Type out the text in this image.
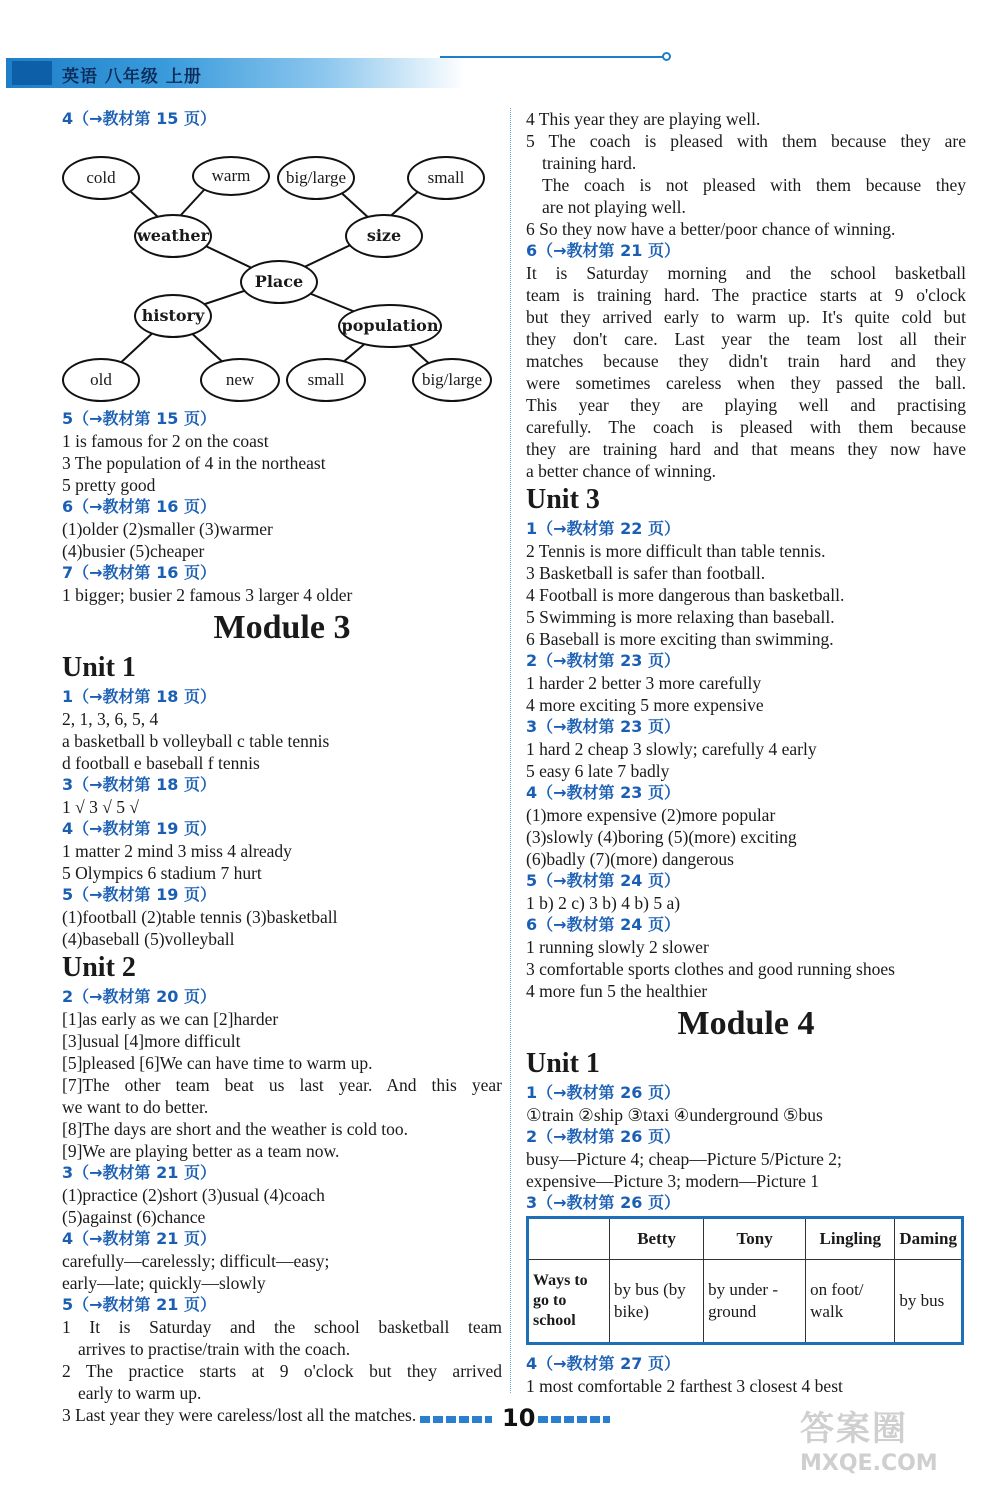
英语 八年级 上册
4（→教材第 15 页）
cold	warm	big/large	small
weather	size
Place
history
population
old	new	small	big/large
5（→教材第 15 页）
1 is famous for 2 on the coast
3 The population of 4 in the northeast
5 pretty good
6（→教材第 16 页）
(1)older (2)smaller (3)warmer
(4)busier (5)cheaper
7（→教材第 16 页）
1 bigger; busier 2 famous 3 larger 4 older
Module 3
Unit 1
1（→教材第 18 页）
2, 1, 3, 6, 5, 4
a basketball b volleyball c table tennis
d football e baseball f tennis
3（→教材第 18 页）
1 √ 3 √ 5 √
4（→教材第 19 页）
1 matter 2 mind 3 miss 4 already
5 Olympics 6 stadium 7 hurt
5（→教材第 19 页）
(1)football (2)table tennis (3)basketball
(4)baseball (5)volleyball
Unit 2
2（→教材第 20 页）
[1]as early as we can [2]harder
[3]usual [4]more difficult
[5]pleased [6]We can have time to warm up.
[7]The other team beat us last year. And this year
we want to do better.
[8]The days are short and the weather is cold too.
[9]We are playing better as a team now.
3（→教材第 21 页）
(1)practice (2)short (3)usual (4)coach
(5)against (6)chance
4（→教材第 21 页）
carefully—carelessly; difficult—easy;
early—late; quickly—slowly
5（→教材第 21 页）
1 It is Saturday and the school basketball team
arrives to practise/train with the coach.
2 The practice starts at 9 o'clock but they arrived
early to warm up.
3 Last year they were careless/lost all the matches.
4 This year they are playing well.
5 The coach is pleased with them because they are
training hard.
The coach is not pleased with them because they
are not playing well.
6 So they now have a better/poor chance of winning.
6（→教材第 21 页）
It is Saturday morning and the school basketball
team is training hard. The practice starts at 9 o'clock
but they arrived early to warm up. It's quite cold but
they don't care. Last year the team lost all their
matches because they didn't train hard and they
were sometimes careless when they passed the ball.
This year they are playing well and practising
carefully. The coach is pleased with them because
they are training hard and that means they now have
a better chance of winning.
Unit 3
1（→教材第 22 页）
2 Tennis is more difficult than table tennis.
3 Basketball is safer than football.
4 Football is more dangerous than basketball.
5 Swimming is more relaxing than baseball.
6 Baseball is more exciting than swimming.
2（→教材第 23 页）
1 harder 2 better 3 more carefully
4 more exciting 5 more expensive
3（→教材第 23 页）
1 hard 2 cheap 3 slowly; carefully 4 early
5 easy 6 late 7 badly
4（→教材第 23 页）
(1)more expensive (2)more popular
(3)slowly (4)boring (5)(more) exciting
(6)badly (7)(more) dangerous
5（→教材第 24 页）
1 b) 2 c) 3 b) 4 b) 5 a)
6（→教材第 24 页）
1 running slowly 2 slower
3 comfortable sports clothes and good running shoes
4 more fun 5 the healthier
Module 4
Unit 1
1（→教材第 26 页）
①train ②ship ③taxi ④underground ⑤bus
2（→教材第 26 页）
busy—Picture 4; cheap—Picture 5/Picture 2;
expensive—Picture 3; modern—Picture 1
3（→教材第 26 页）
	Betty	Tony	Lingling	Daming
Ways to go to school	by bus (by bike)	by under -ground	on foot/ walk	by bus
4（→教材第 27 页）
1 most comfortable 2 farthest 3 closest 4 best
10	答案圈
MXQE.COM
